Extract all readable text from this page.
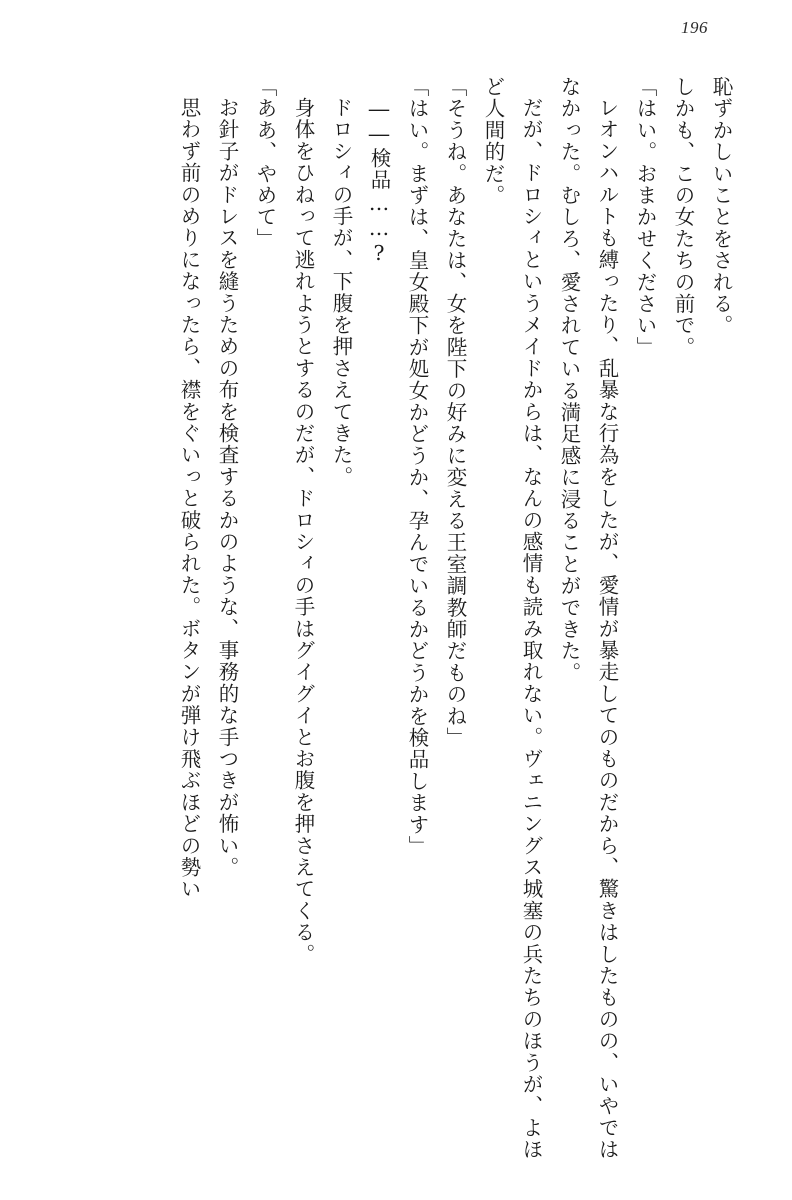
196

恥ずかしいことをされる。

しかも、この女たちの前で。

「はい。おまかせください」

レオンハルトも縛ったり、乱暴な行為をしたが、愛情が暴走してのものだから、驚きはしたものの、いやではなかった。むしろ、愛されている満足感に浸ることができた。

だが、ドロシィというメイドからは、なんの感情も読み取れない。ヴェニングス城塞の兵たちのほうが、よほど人間的だ。

「そうね。あなたは、女を陛下の好みに変える王室調教師だものね」

「はい。まずは、皇女殿下が処女かどうか、孕んでいるかどうかを検品します」

――検品……?

ドロシィの手が、下腹を押さえてきた。

身体をひねって逃れようとするのだが、ドロシィの手はグイグイとお腹を押さえてくる。

「ああ、やめて」

お針子がドレスを縫うための布を検査するかのような、事務的な手つきが怖い。

思わず前のめりになったら、襟をぐいっと破られた。ボタンが弾け飛ぶほどの勢い
